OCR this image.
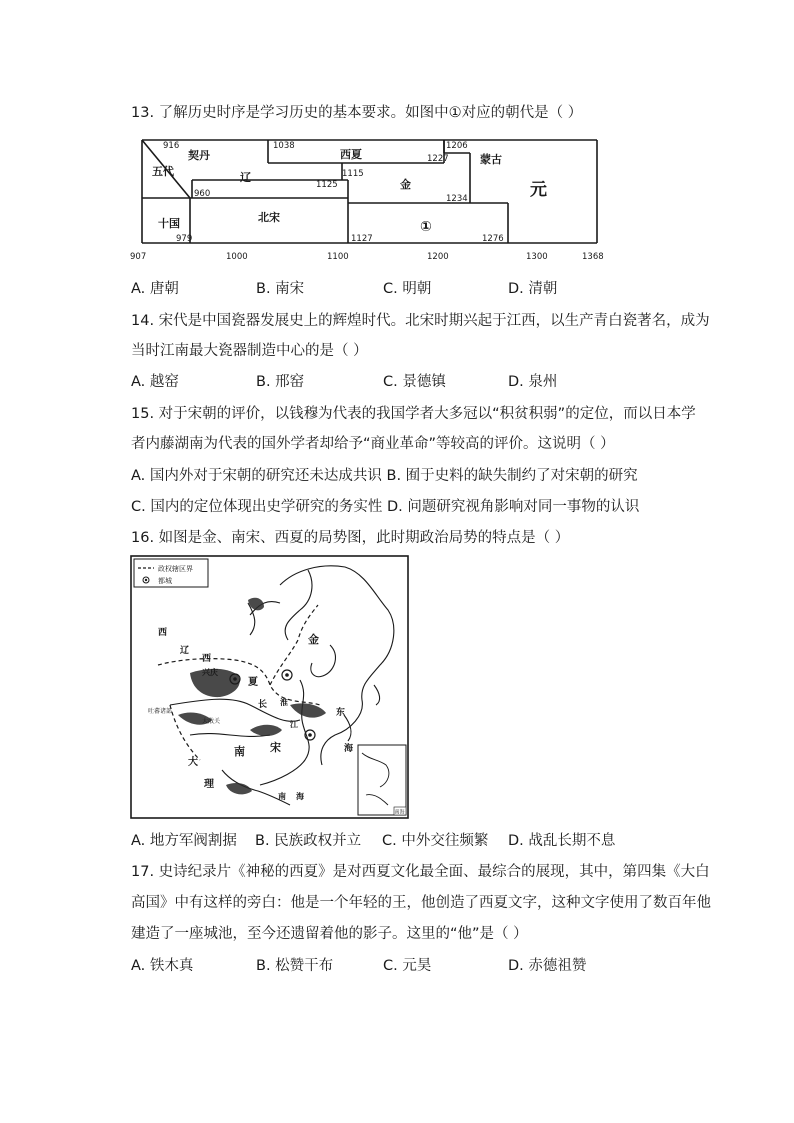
13. 了解历史时序是学习历史的基本要求。如图中①对应的朝代是（ ）
916	1038	1206
1227
1115
1125
960	1234
979	1127	1276
五代
契丹
辽
十国	北宋
西夏
金
①
蒙古
元
907	1000	1100	1200	1300	1368
A. 唐朝	B. 南宋	C. 明朝	D. 清朝
14. 宋代是中国瓷器发展史上的辉煌时代。北宋时期兴起于江西，以生产青白瓷著名，成为
当时江南最大瓷器制造中心的是（ ）
A. 越窑	B. 邢窑	C. 景德镇	D. 泉州
15. 对于宋朝的评价，以钱穆为代表的我国学者大多冠以“积贫积弱”的定位，而以日本学
者内藤湖南为代表的国外学者却给予“商业革命”等较高的评价。这说明（ ）
A. 国内外对于宋朝的研究还未达成共识 B. 囿于史料的缺失制约了对宋朝的研究
C. 国内的定位体现出史学研究的务实性 D. 问题研究视角影响对同一事物的认识
16. 如图是金、南宋、西夏的局势图，此时期政治局势的特点是（ ）
政权辖区界
都城
南海
西
辽
西
兴庆
夏
金
吐蕃诸部
长
大散关	江
淮
东
海
南 宋
大
理
南 海
A. 地方军阀割据 B. 民族政权并立 C. 中外交往频繁 D. 战乱长期不息
17. 史诗纪录片《神秘的西夏》是对西夏文化最全面、最综合的展现，其中，第四集《大白
高国》中有这样的旁白：他是一个年轻的王，他创造了西夏文字，这种文字使用了数百年他
建造了一座城池，至今还遗留着他的影子。这里的“他”是（ ）
A. 铁木真	B. 松赞干布	C. 元昊	D. 赤德祖赞
